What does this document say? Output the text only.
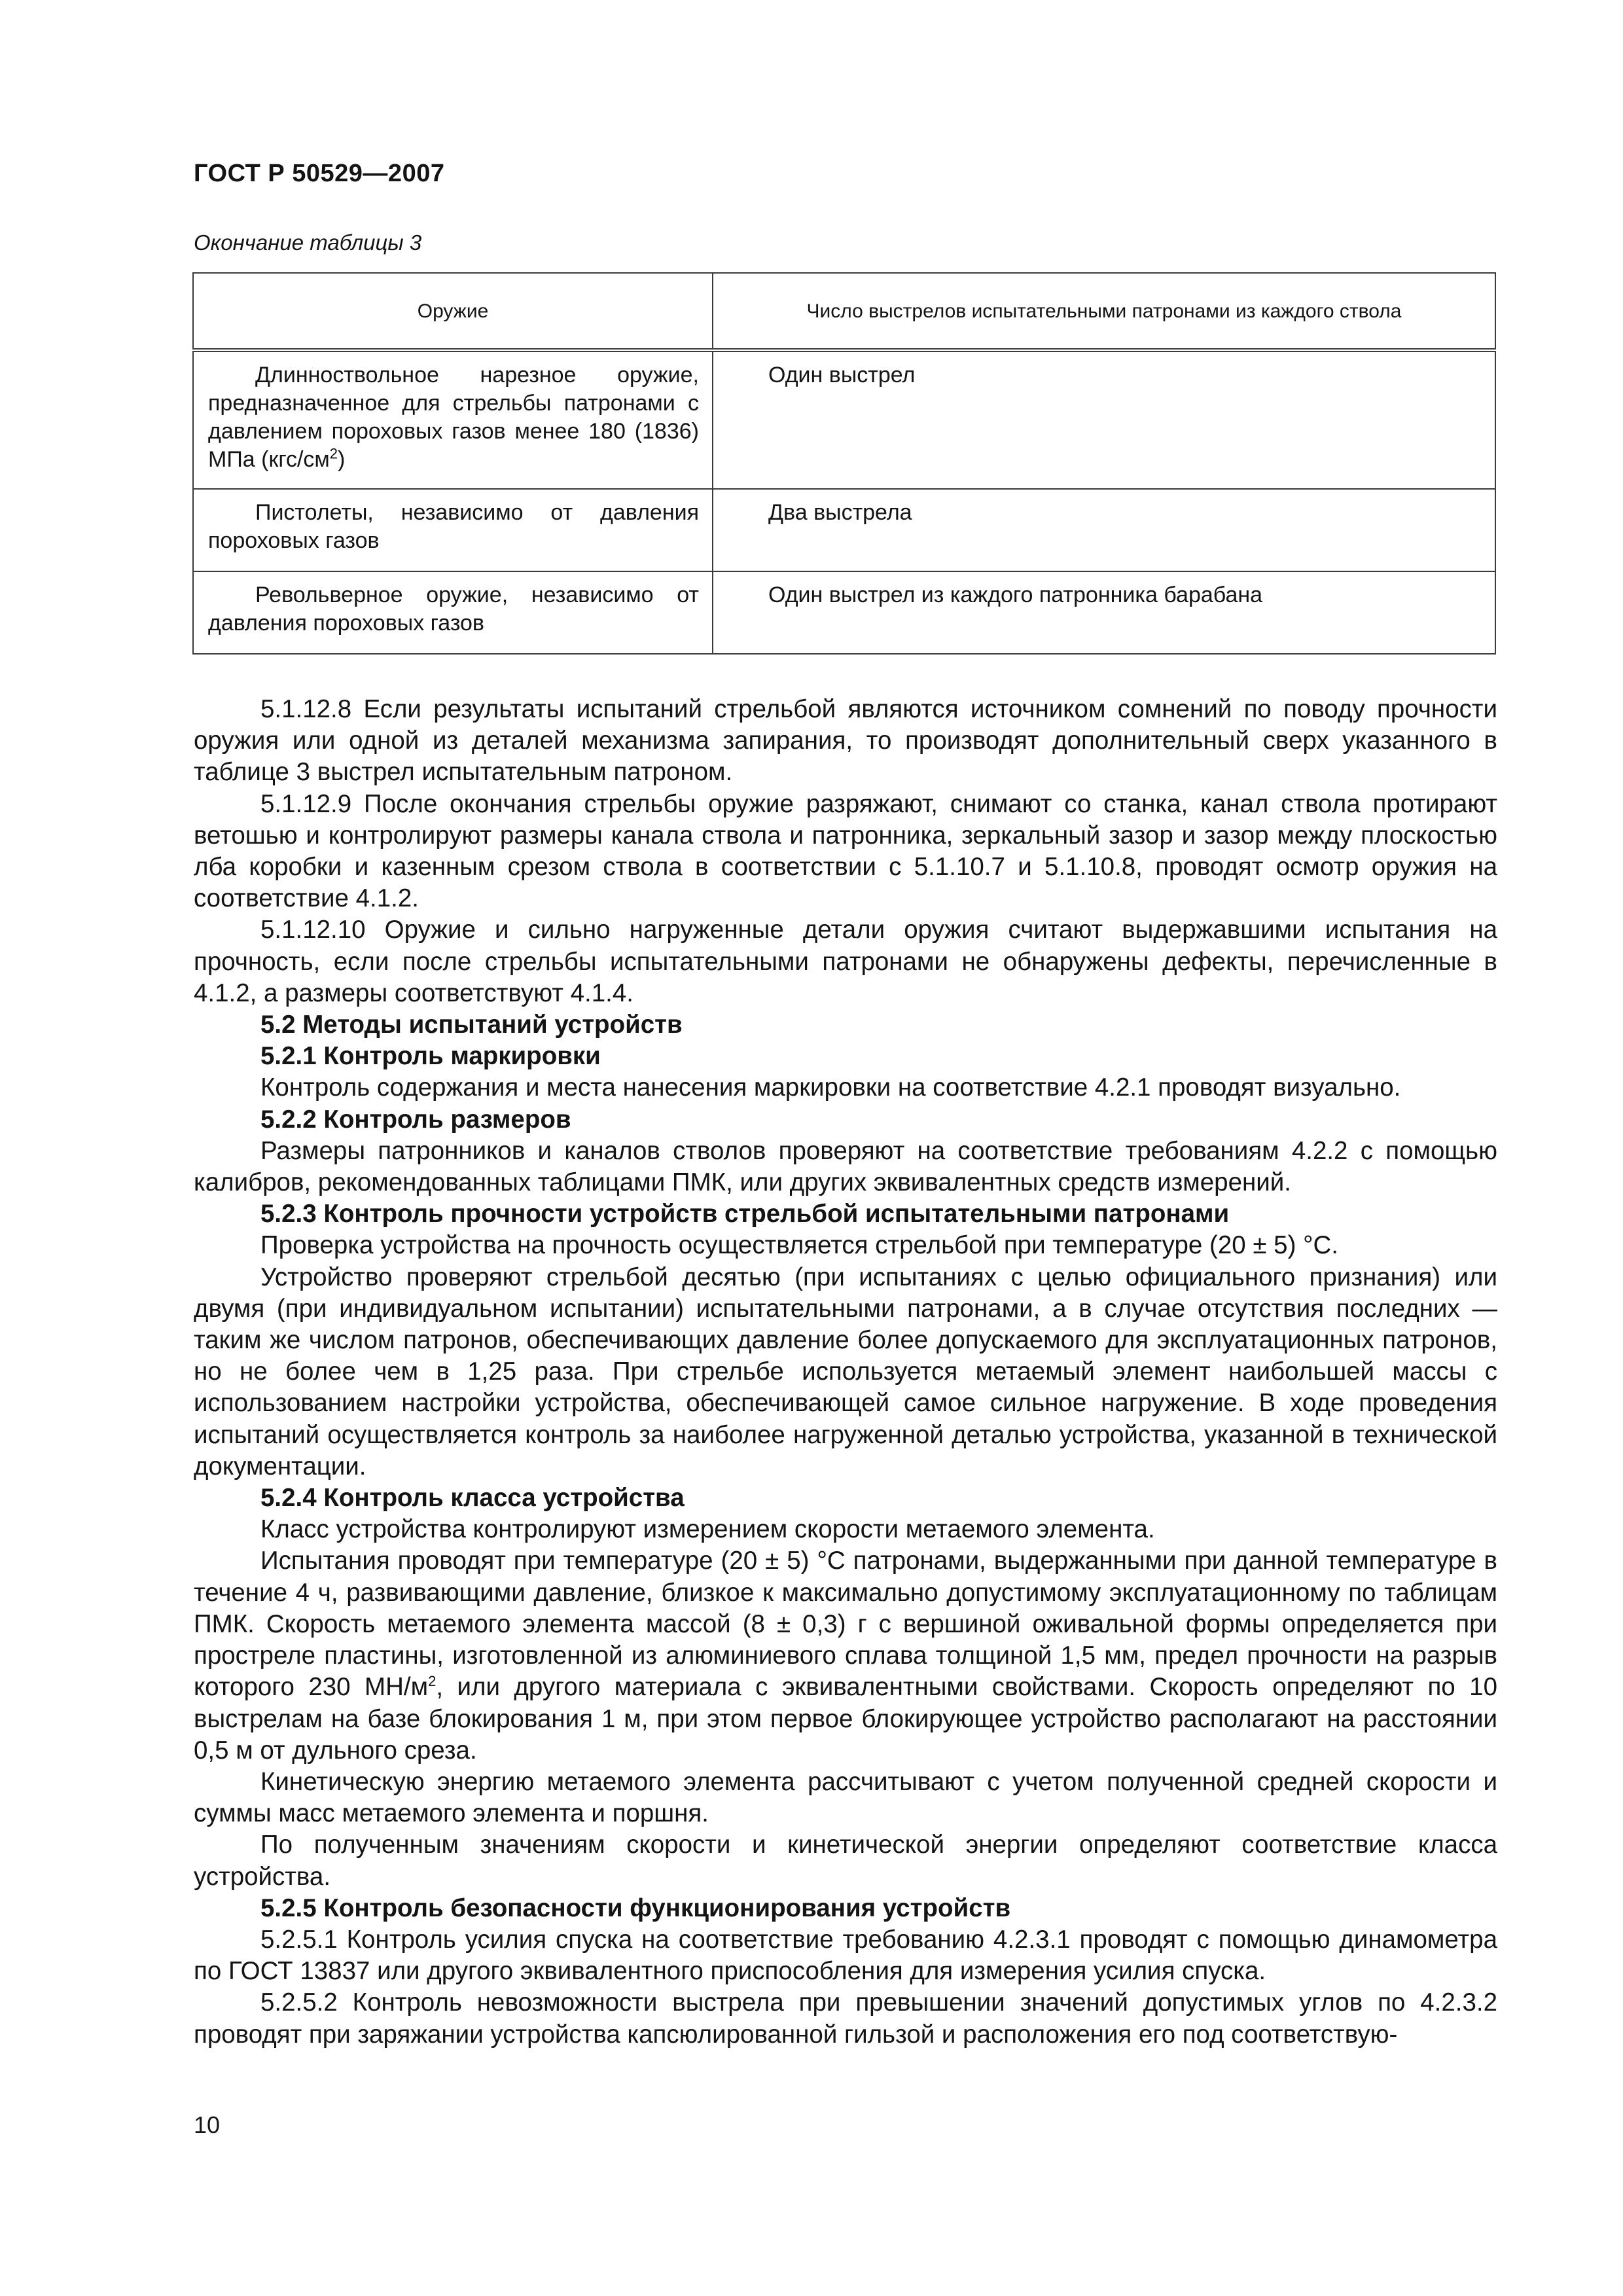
ГОСТ Р 50529—2007
Окончание таблицы 3
Оружие	Число выстрелов испытательными патронами из каждого ствола

Длинноствольное нарезное оружие, предназначенное для стрельбы патронами с давлением пороховых газов менее 180 (1836) МПа $(кгс/см^2)$	Один выстрел

Пистолеты, независимо от давления пороховых газов	Два выстрела

Револьверное оружие, независимо от давления пороховых газов	Один выстрел из каждого патронника барабана

5.1.12.8 Если результаты испытаний стрельбой являются источником сомнений по поводу прочности оружия или одной из деталей механизма запирания, то производят дополнительный сверх указанного в таблице 3 выстрел испытательным патроном.

5.1.12.9 После окончания стрельбы оружие разряжают, снимают со станка, канал ствола протирают ветошью и контролируют размеры канала ствола и патронника, зеркальный зазор и зазор между плоскостью лба коробки и казенным срезом ствола в соответствии с 5.1.10.7 и 5.1.10.8, проводят осмотр оружия на соответствие 4.1.2.

5.1.12.10 Оружие и сильно нагруженные детали оружия считают выдержавшими испытания на прочность, если после стрельбы испытательными патронами не обнаружены дефекты, перечисленные в 4.1.2, а размеры соответствуют 4.1.4.

5.2 Методы испытаний устройств

5.2.1 Контроль маркировки

Контроль содержания и места нанесения маркировки на соответствие 4.2.1 проводят визуально.

5.2.2 Контроль размеров

Размеры патронников и каналов стволов проверяют на соответствие требованиям 4.2.2 с помощью калибров, рекомендованных таблицами ПМК, или других эквивалентных средств измерений.

5.2.3 Контроль прочности устройств стрельбой испытательными патронами

Проверка устройства на прочность осуществляется стрельбой при температуре (20 ± 5) °С.

Устройство проверяют стрельбой десятью (при испытаниях с целью официального признания) или двумя (при индивидуальном испытании) испытательными патронами, а в случае отсутствия последних — таким же числом патронов, обеспечивающих давление более допускаемого для эксплуатационных патронов, но не более чем в 1,25 раза. При стрельбе используется метаемый элемент наибольшей массы с использованием настройки устройства, обеспечивающей самое сильное нагружение. В ходе проведения испытаний осуществляется контроль за наиболее нагруженной деталью устройства, указанной в технической документации.

5.2.4 Контроль класса устройства

Класс устройства контролируют измерением скорости метаемого элемента.

Испытания проводят при температуре (20 ± 5) °С патронами, выдержанными при данной температуре в течение 4 ч, развивающими давление, близкое к максимально допустимому эксплуатационному по таблицам ПМК. Скорость метаемого элемента массой (8 ± 0,3) г с вершиной оживальной формы определяется при простреле пластины, изготовленной из алюминиевого сплава толщиной 1,5 мм, предел прочности на разрыв которого 230 $МН/м^2$, или другого материала с эквивалентными свойствами. Скорость определяют по 10 выстрелам на базе блокирования 1 м, при этом первое блокирующее устройство располагают на расстоянии 0,5 м от дульного среза.

Кинетическую энергию метаемого элемента рассчитывают с учетом полученной средней скорости и суммы масс метаемого элемента и поршня.

По полученным значениям скорости и кинетической энергии определяют соответствие класса устройства.

5.2.5 Контроль безопасности функционирования устройств

5.2.5.1 Контроль усилия спуска на соответствие требованию 4.2.3.1 проводят с помощью динамометра по ГОСТ 13837 или другого эквивалентного приспособления для измерения усилия спуска.

5.2.5.2 Контроль невозможности выстрела при превышении значений допустимых углов по 4.2.3.2 проводят при заряжании устройства капсюлированной гильзой и расположения его под соответствую-

10
